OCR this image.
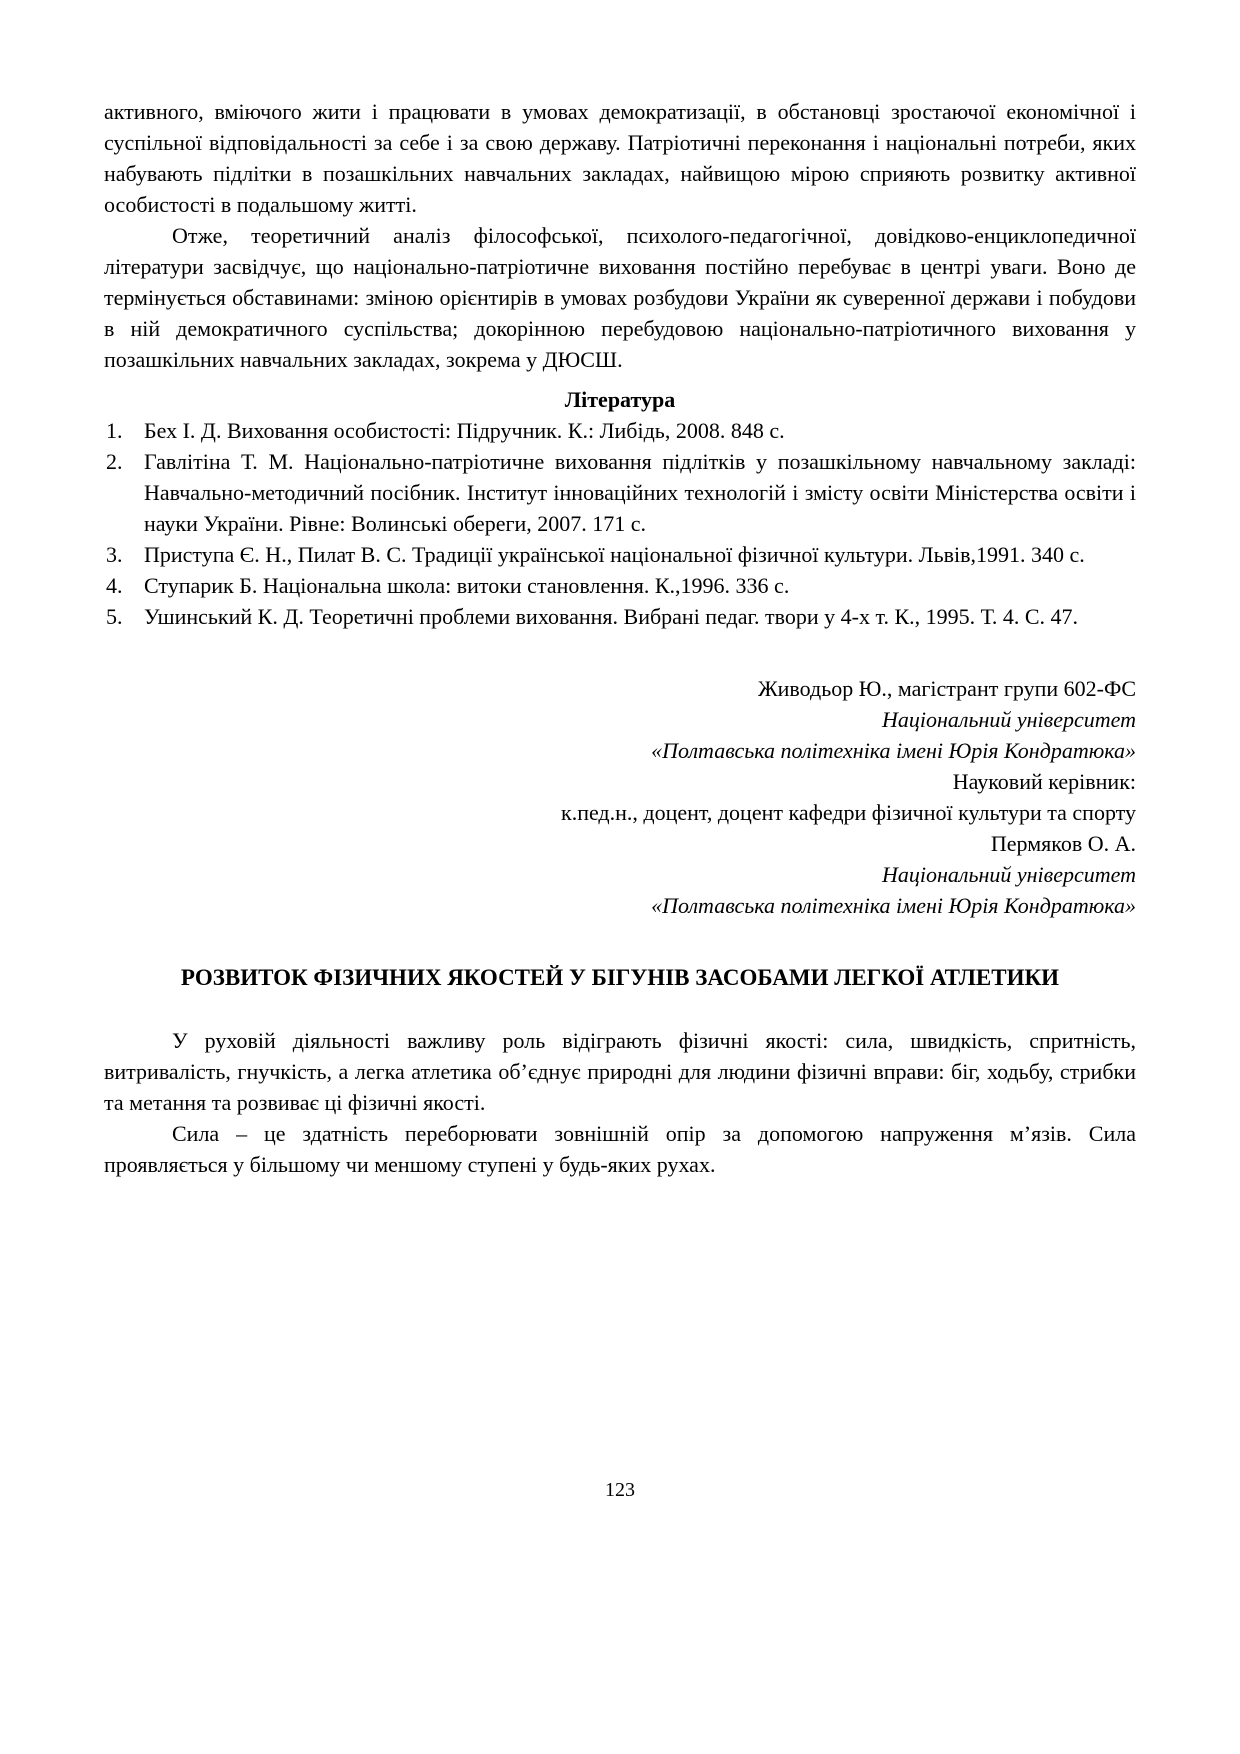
активного, вміючого жити і працювати в умовах демократизації, в обстановці зростаючої економічної і суспільної відповідальності за себе і за свою державу. Патріотичні переконання і національні потреби, яких набувають підлітки в позашкільних навчальних закладах, найвищою мірою сприяють розвитку активної особистості в подальшому житті.

Отже, теоретичний аналіз філософської, психолого-педагогічної, довідково-енциклопедичної літератури засвідчує, що національно-патріотичне виховання постійно перебуває в центрі уваги. Воно де термінується обставинами: зміною орієнтирів в умовах розбудови України як суверенної держави і побудови в ній демократичного суспільства; докорінною перебудовою національно-патріотичного виховання у позашкільних навчальних закладах, зокрема у ДЮСШ.

Література
1. Бех І. Д. Виховання особистості: Підручник. К.: Либідь, 2008. 848 с.
2. Гавлітіна Т. М. Національно-патріотичне виховання підлітків у позашкільному навчальному закладі: Навчально-методичний посібник. Інститут інноваційних технологій і змісту освіти Міністерства освіти і науки України. Рівне: Волинські обереги, 2007. 171 с.
3. Приступа Є. Н., Пилат В. С. Традиції української національної фізичної культури. Львів,1991. 340 с.
4. Ступарик Б. Національна школа: витоки становлення. К.,1996. 336 с.
5. Ушинський К. Д. Теоретичні проблеми виховання. Вибрані педаг. твори у 4-х т. К., 1995. Т. 4. С. 47.
Живодьор Ю., магістрант групи 602-ФС
Національний університет
«Полтавська політехніка імені Юрія Кондратюка»
Науковий керівник:
к.пед.н., доцент, доцент кафедри фізичної культури та спорту
Пермяков О. А.
Національний університет
«Полтавська політехніка імені Юрія Кондратюка»
РОЗВИТОК ФІЗИЧНИХ ЯКОСТЕЙ У БІГУНІВ ЗАСОБАМИ ЛЕГКОЇ АТЛЕТИКИ

У руховій діяльності важливу роль відіграють фізичні якості: сила, швидкість, спритність, витривалість, гнучкість, а легка атлетика об’єднує природні для людини фізичні вправи: біг, ходьбу, стрибки та метання та розвиває ці фізичні якості.

Сила – це здатність переборювати зовнішній опір за допомогою напруження м’язів. Сила проявляється у більшому чи меншому ступені у будь-яких рухах.

123
